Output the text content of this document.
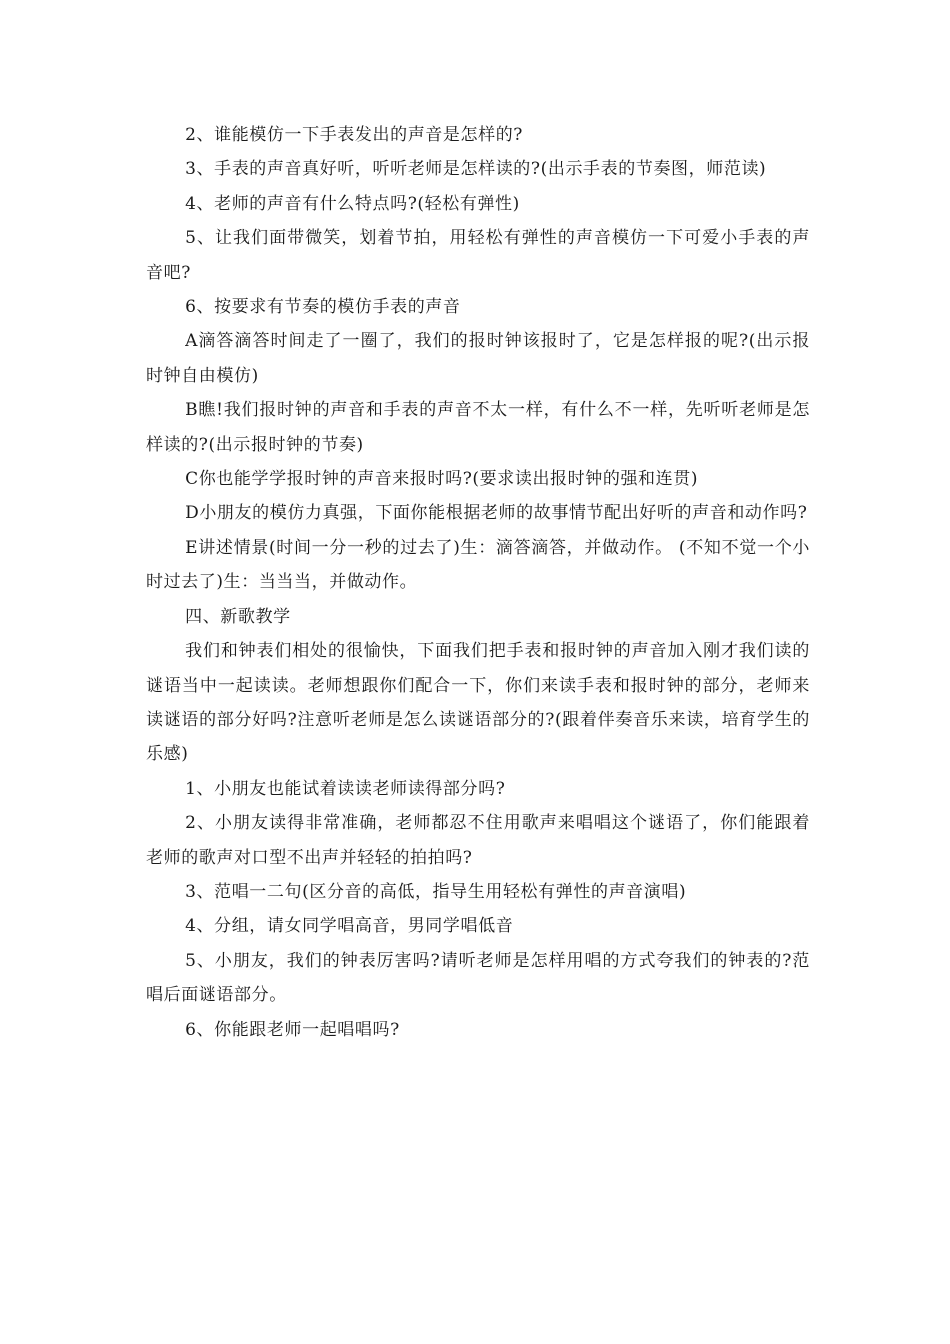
2、谁能模仿一下手表发出的声音是怎样的?

3、手表的声音真好听，听听老师是怎样读的?(出示手表的节奏图，师范读)

4、老师的声音有什么特点吗?(轻松有弹性)

5、让我们面带微笑，划着节拍，用轻松有弹性的声音模仿一下可爱小手表的声音吧?

6、按要求有节奏的模仿手表的声音

A滴答滴答时间走了一圈了，我们的报时钟该报时了，它是怎样报的呢?(出示报时钟自由模仿)

B瞧!我们报时钟的声音和手表的声音不太一样，有什么不一样，先听听老师是怎样读的?(出示报时钟的节奏)

C你也能学学报时钟的声音来报时吗?(要求读出报时钟的强和连贯)

D小朋友的模仿力真强，下面你能根据老师的故事情节配出好听的声音和动作吗?

E讲述情景(时间一分一秒的过去了)生：滴答滴答，并做动作。 (不知不觉一个小时过去了)生：当当当，并做动作。

四、新歌教学

我们和钟表们相处的很愉快，下面我们把手表和报时钟的声音加入刚才我们读的谜语当中一起读读。老师想跟你们配合一下，你们来读手表和报时钟的部分，老师来读谜语的部分好吗?注意听老师是怎么读谜语部分的?(跟着伴奏音乐来读，培育学生的乐感)

1、小朋友也能试着读读老师读得部分吗?

2、小朋友读得非常准确，老师都忍不住用歌声来唱唱这个谜语了，你们能跟着老师的歌声对口型不出声并轻轻的拍拍吗?

3、范唱一二句(区分音的高低，指导生用轻松有弹性的声音演唱)

4、分组，请女同学唱高音，男同学唱低音

5、小朋友，我们的钟表厉害吗?请听老师是怎样用唱的方式夸我们的钟表的?范唱后面谜语部分。

6、你能跟老师一起唱唱吗?
